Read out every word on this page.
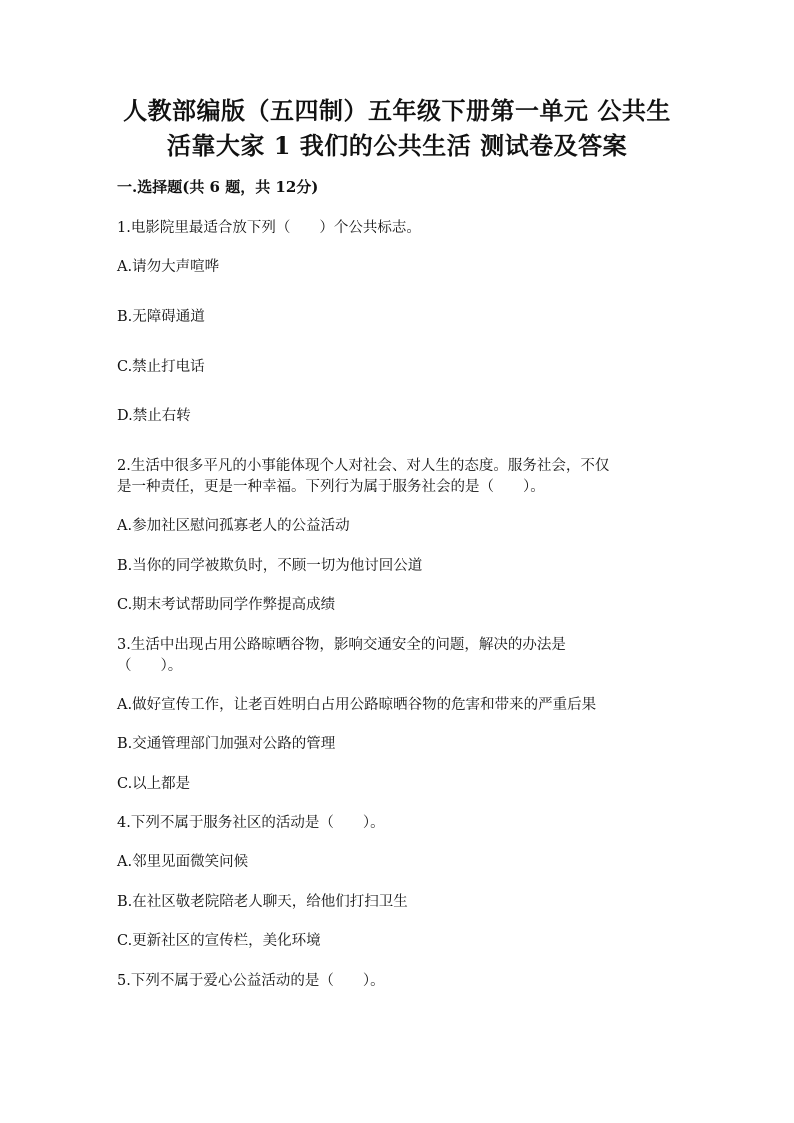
人教部编版（五四制）五年级下册第一单元 公共生
活靠大家 1 我们的公共生活 测试卷及答案
一.选择题(共 6 题，共 12分)
1.电影院里最适合放下列（　　）个公共标志。
A.请勿大声喧哗
B.无障碍通道
C.禁止打电话
D.禁止右转
2.生活中很多平凡的小事能体现个人对社会、对人生的态度。服务社会，不仅
是一种责任，更是一种幸福。下列行为属于服务社会的是（　　）。
A.参加社区慰问孤寡老人的公益活动
B.当你的同学被欺负时，不顾一切为他讨回公道
C.期末考试帮助同学作弊提高成绩
3.生活中出现占用公路晾晒谷物，影响交通安全的问题，解决的办法是
（　　）。
A.做好宣传工作，让老百姓明白占用公路晾晒谷物的危害和带来的严重后果
B.交通管理部门加强对公路的管理
C.以上都是
4.下列不属于服务社区的活动是（　　）。
A.邻里见面微笑问候
B.在社区敬老院陪老人聊天，给他们打扫卫生
C.更新社区的宣传栏，美化环境
5.下列不属于爱心公益活动的是（　　）。
